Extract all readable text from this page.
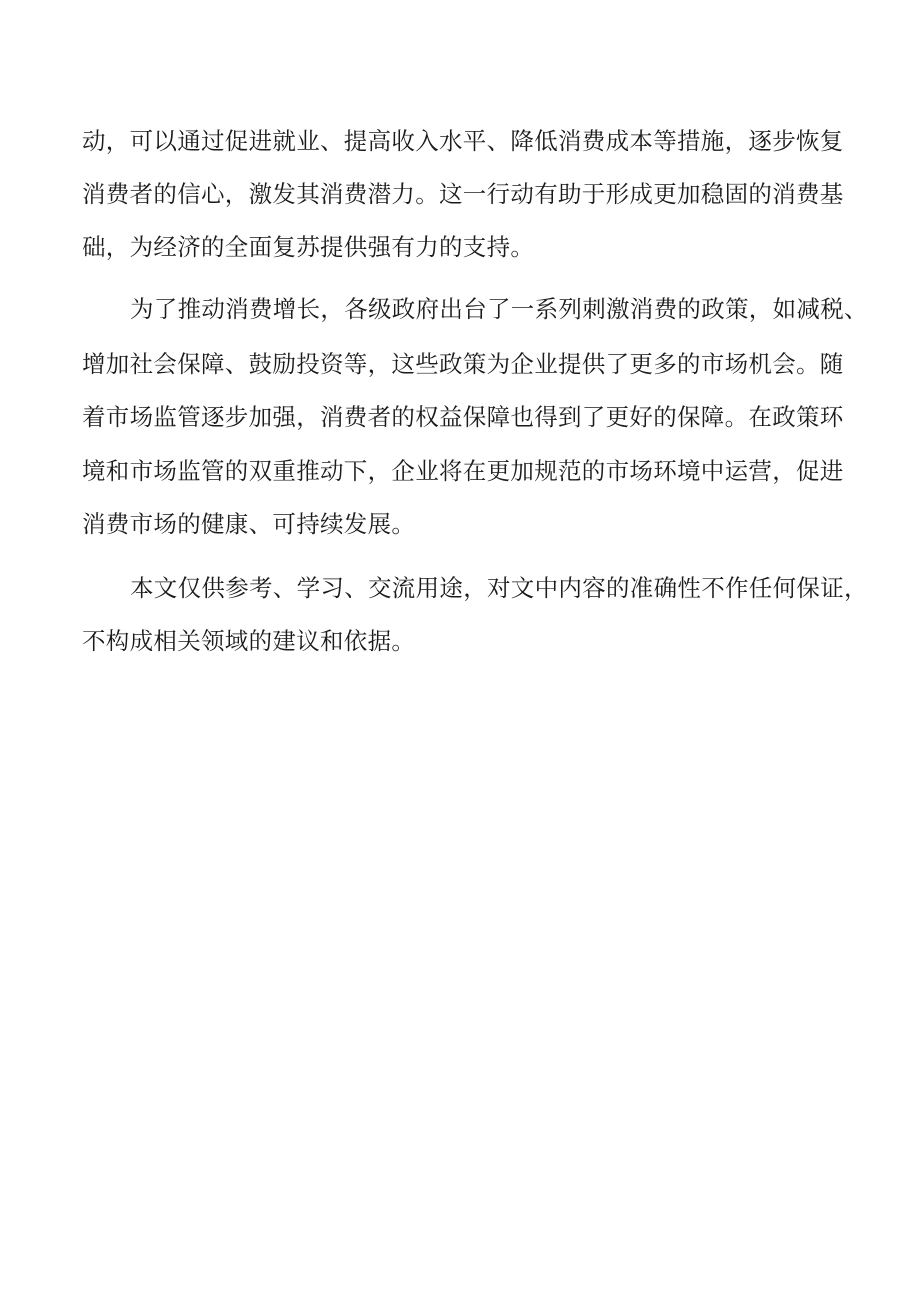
动，可以通过促进就业、提高收入水平、降低消费成本等措施，逐步恢复
消费者的信心，激发其消费潜力。这一行动有助于形成更加稳固的消费基
础，为经济的全面复苏提供强有力的支持。
为了推动消费增长，各级政府出台了一系列刺激消费的政策，如减税、
增加社会保障、鼓励投资等，这些政策为企业提供了更多的市场机会。随
着市场监管逐步加强，消费者的权益保障也得到了更好的保障。在政策环
境和市场监管的双重推动下，企业将在更加规范的市场环境中运营，促进
消费市场的健康、可持续发展。
本文仅供参考、学习、交流用途，对文中内容的准确性不作任何保证，
不构成相关领域的建议和依据。
